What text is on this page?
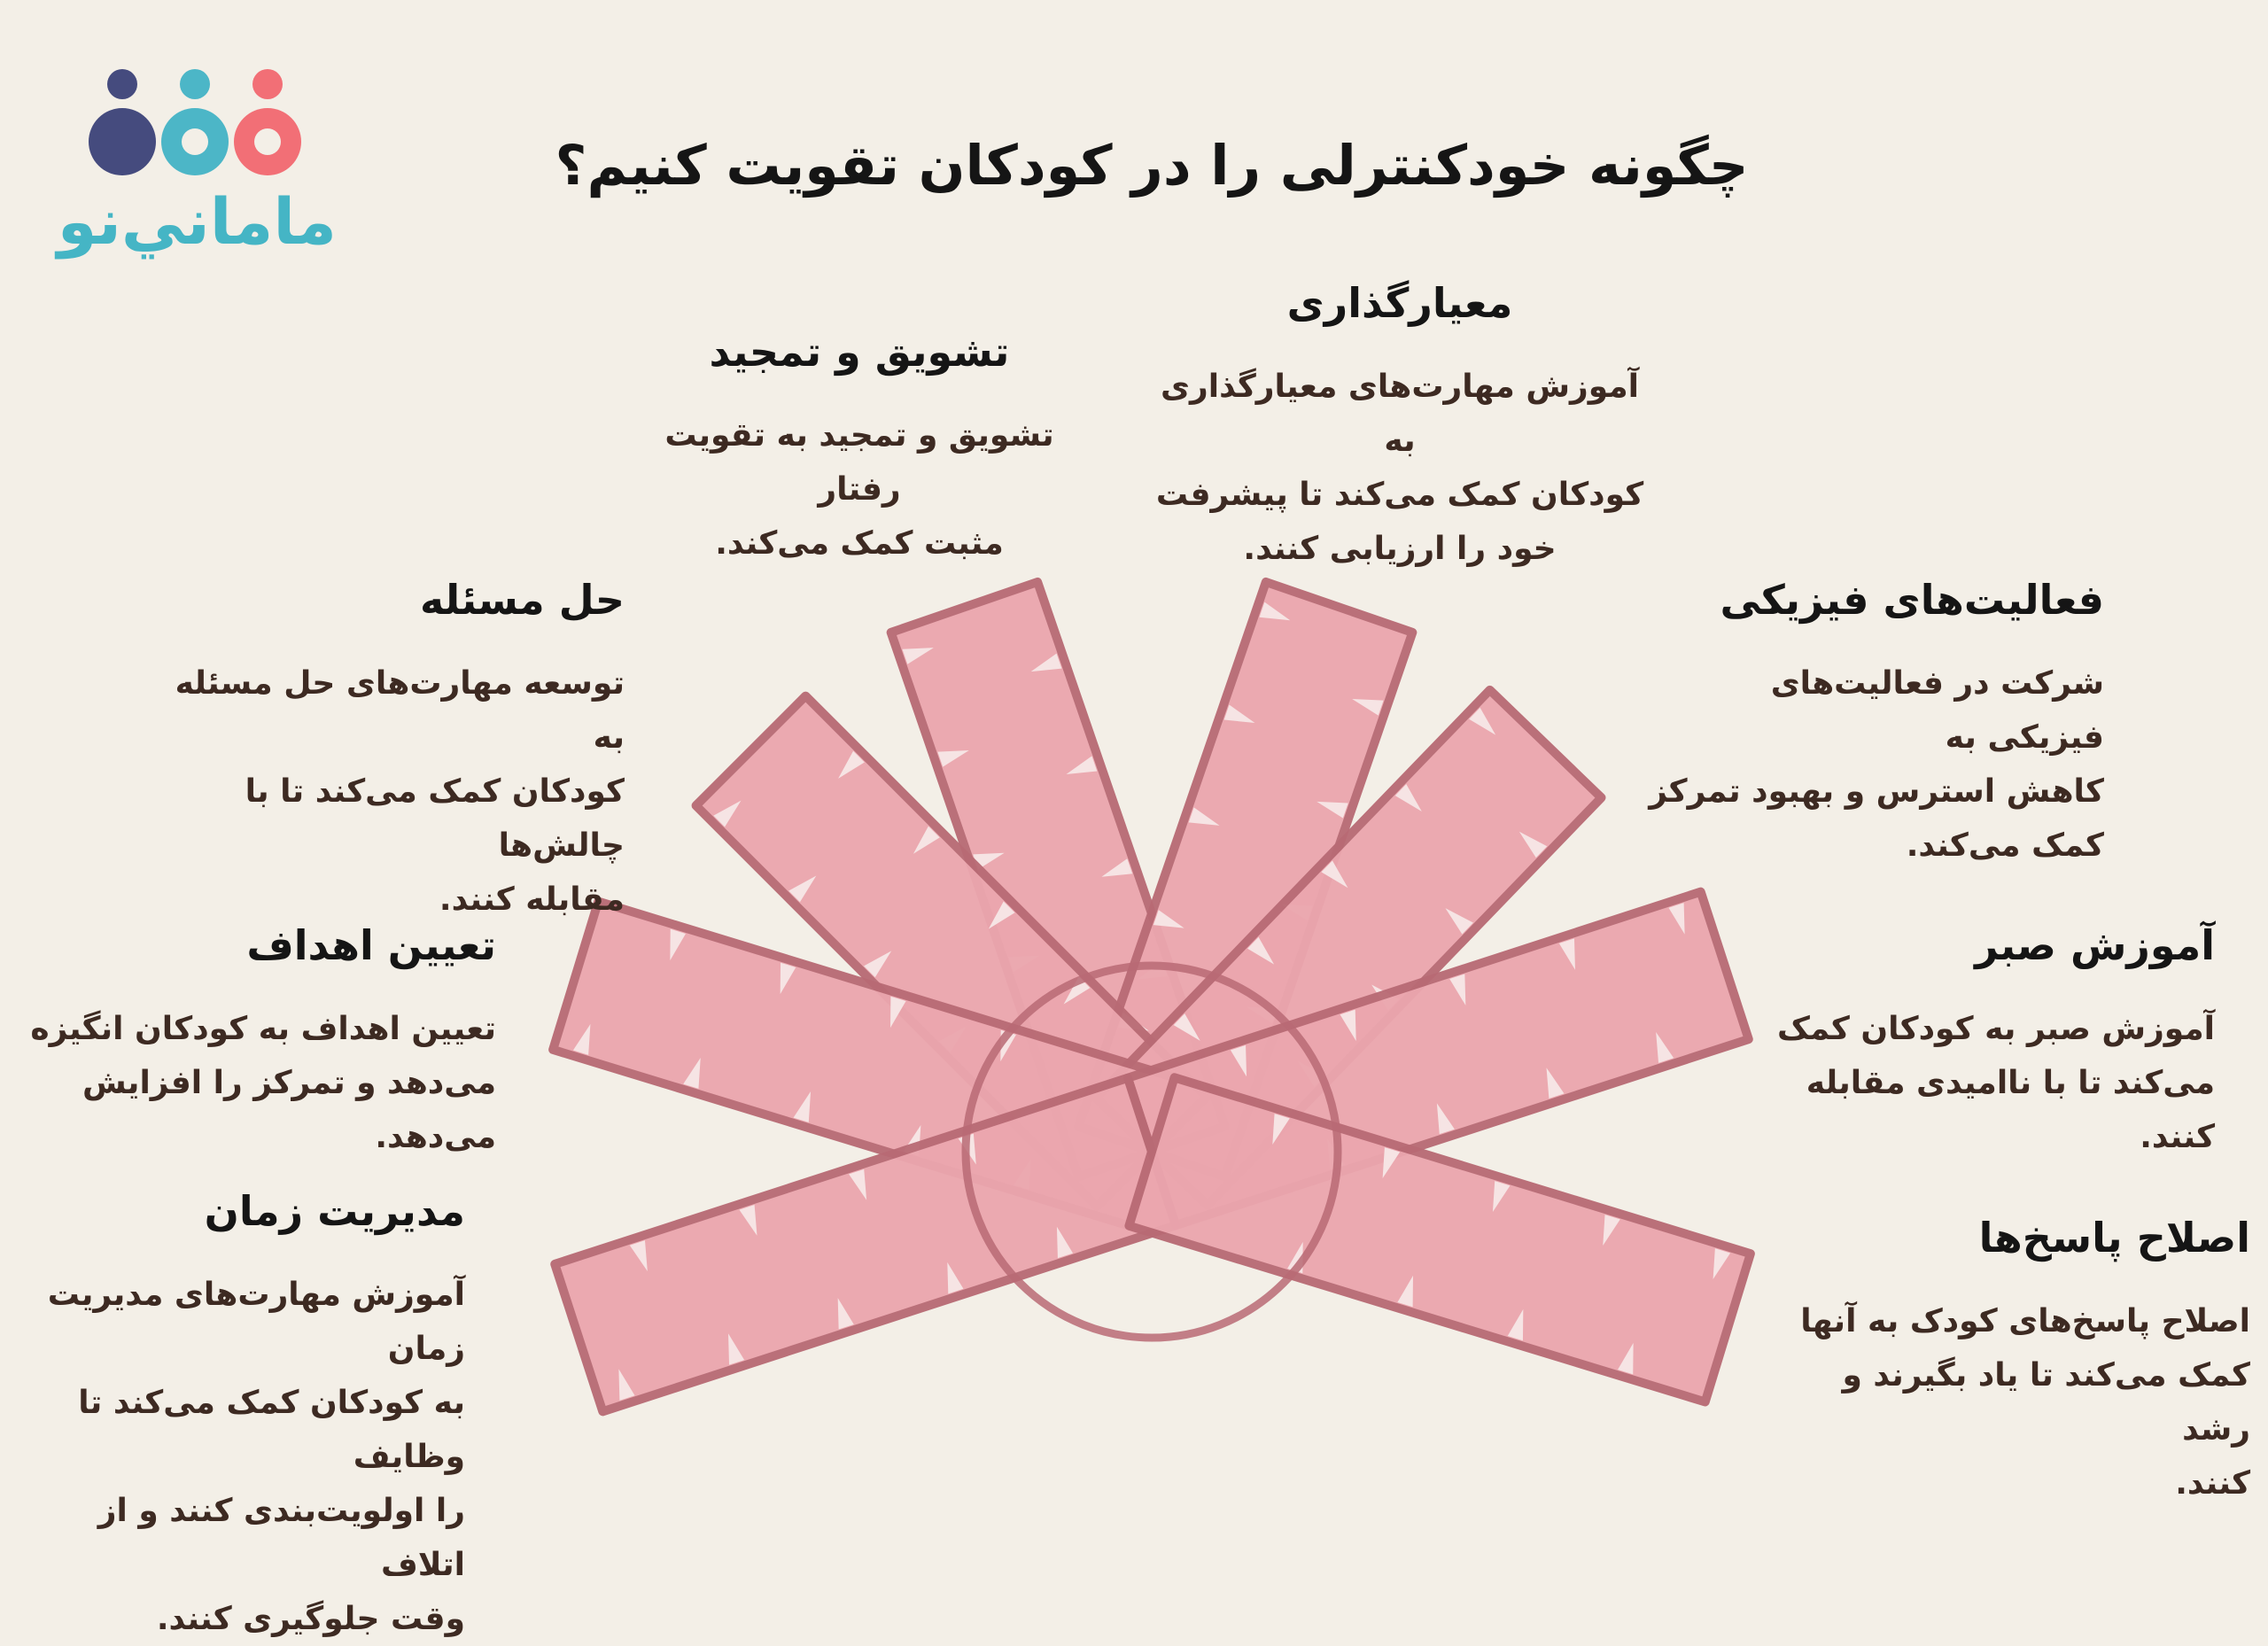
ماماني‌نو
چگونه خودکنترلی را در کودکان تقویت کنیم؟
معیارگذاری

آموزش مهارت‌های معیارگذاری به

کودکان کمک می‌کند تا پیشرفت

خود را ارزیابی کنند.

تشویق و تمجید

تشویق و تمجید به تقویت رفتار

مثبت کمک می‌کند.

حل مسئله

توسعه مهارت‌های حل مسئله به

کودکان کمک می‌کند تا با چالش‌ها

مقابله کنند.

فعالیت‌های فیزیکی

شرکت در فعالیت‌های فیزیکی به

کاهش استرس و بهبود تمرکز

کمک می‌کند.

تعیین اهداف

تعیین اهداف به کودکان انگیزه

می‌دهد و تمرکز را افزایش می‌دهد.

آموزش صبر

آموزش صبر به کودکان کمک

می‌کند تا با ناامیدی مقابله کنند.

مدیریت زمان

آموزش مهارت‌های مدیریت زمان

به کودکان کمک می‌کند تا وظایف

را اولویت‌بندی کنند و از اتلاف

وقت جلوگیری کنند.

اصلاح پاسخ‌ها

اصلاح پاسخ‌های کودک به آنها

کمک می‌کند تا یاد بگیرند و رشد

کنند.
